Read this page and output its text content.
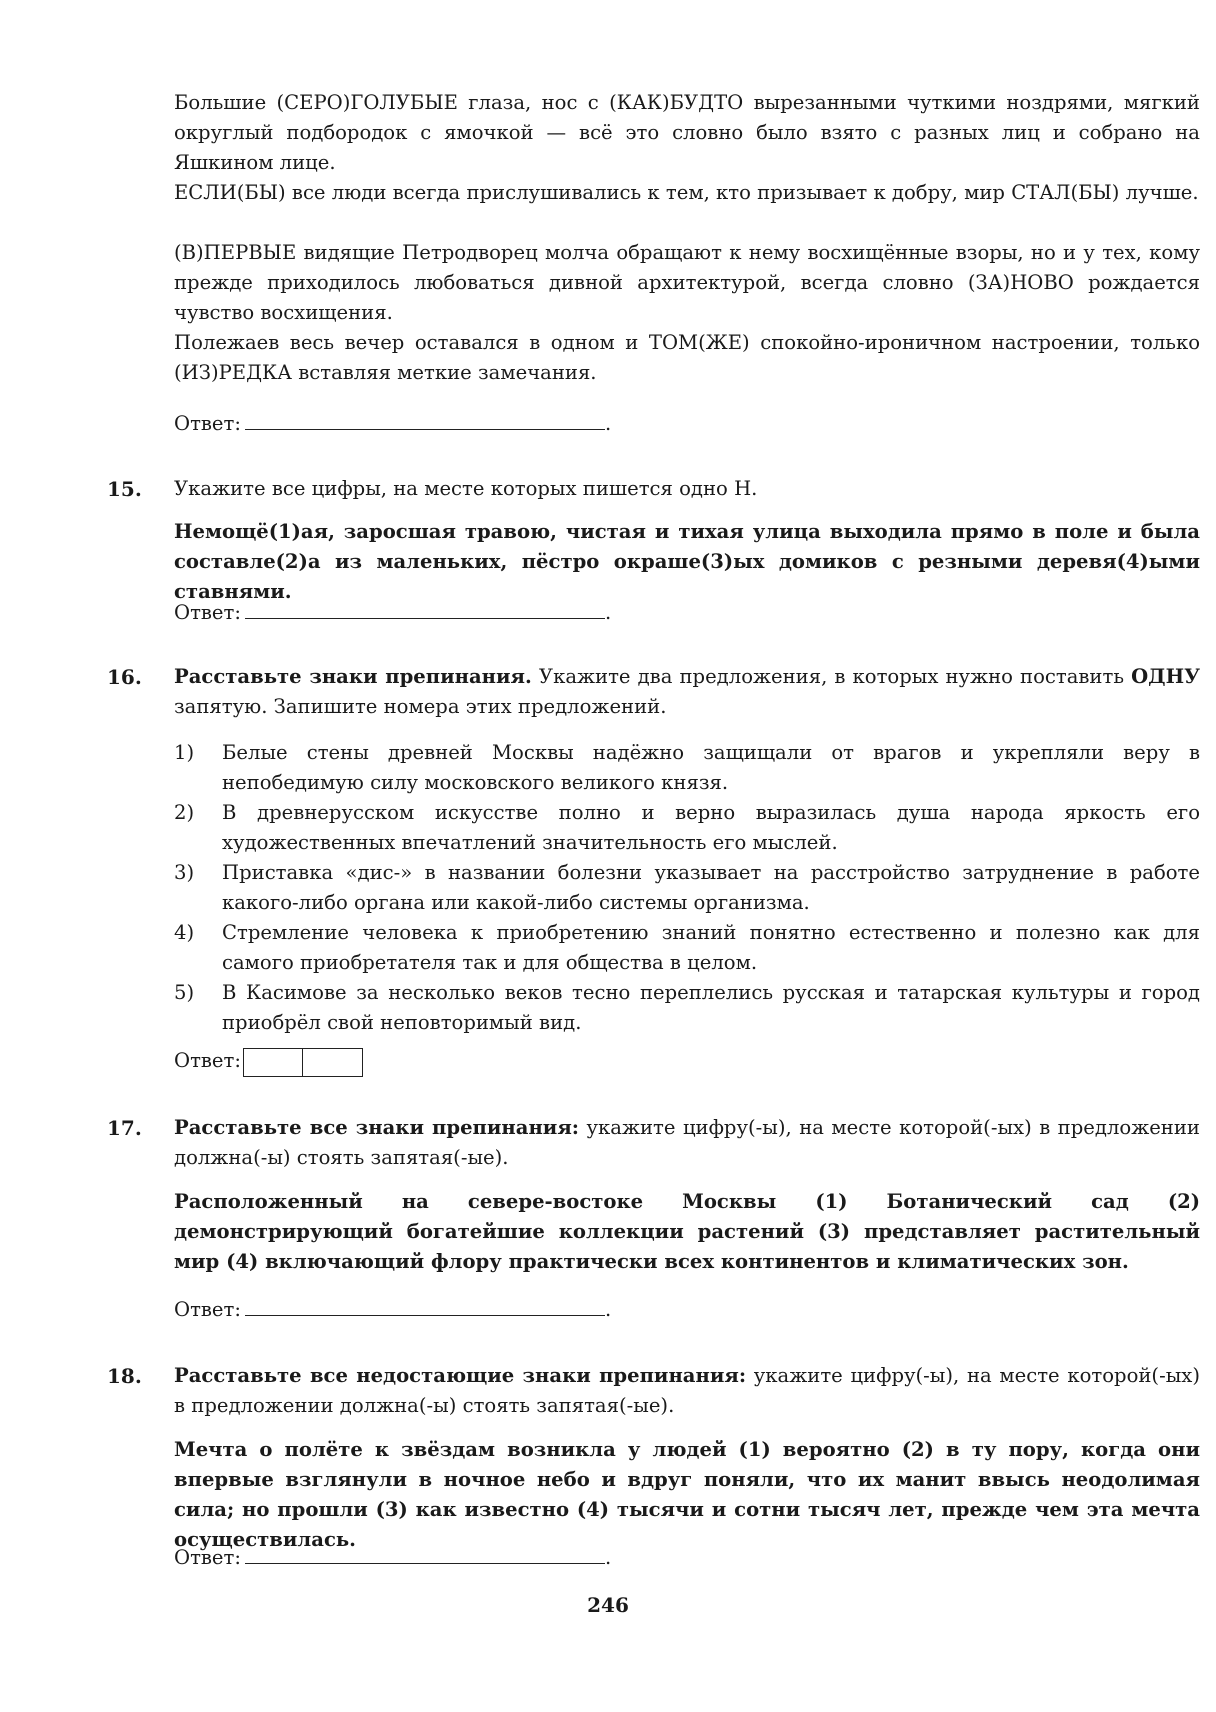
Большие (СЕРО)ГОЛУБЫЕ глаза, нос с (КАК)БУДТО вырезанными чуткими ноздрями, мягкий округлый подбородок с ямочкой — всё это словно было взято с разных лиц и собрано на Яшкином лице.
ЕСЛИ(БЫ) все люди всегда прислушивались к тем, кто призывает к добру, мир СТАЛ(БЫ) лучше.
(В)ПЕРВЫЕ видящие Петродворец молча обращают к нему восхищённые взоры, но и у тех, кому прежде приходилось любоваться дивной архитектурой, всегда словно (ЗА)НОВО рождается чувство восхищения.
Полежаев весь вечер оставался в одном и ТОМ(ЖЕ) спокойно-ироничном настроении, только (ИЗ)РЕДКА вставляя меткие замечания.
Ответ:	.
15. Укажите все цифры, на месте которых пишется одно Н.
Немощё(1)ая, заросшая травою, чистая и тихая улица выходила прямо в поле и была составле(2)а из маленьких, пёстро окраше(3)ых домиков с резными деревя(4)ыми ставнями.
Ответ:	.
16. Расставьте знаки препинания. Укажите два предложения, в которых нужно поставить ОДНУ запятую. Запишите номера этих предложений.
1) Белые стены древней Москвы надёжно защищали от врагов и укрепляли веру в непобедимую силу московского великого князя.
2) В древнерусском искусстве полно и верно выразилась душа народа яркость его художественных впечатлений значительность его мыслей.
3) Приставка «дис-» в названии болезни указывает на расстройство затруднение в работе какого-либо органа или какой-либо системы организма.
4) Стремление человека к приобретению знаний понятно естественно и полезно как для самого приобретателя так и для общества в целом.
5) В Касимове за несколько веков тесно переплелись русская и татарская культуры и город приобрёл свой неповторимый вид.
Ответ:
17. Расставьте все знаки препинания: укажите цифру(-ы), на месте которой(-ых) в предложении должна(-ы) стоять запятая(-ые).
Расположенный на севере-востоке Москвы (1) Ботанический сад (2) демонстрирующий богатейшие коллекции растений (3) представляет растительный мир (4) включающий флору практически всех континентов и климатических зон.
Ответ:	.
18. Расставьте все недостающие знаки препинания: укажите цифру(-ы), на месте которой(-ых) в предложении должна(-ы) стоять запятая(-ые).
Мечта о полёте к звёздам возникла у людей (1) вероятно (2) в ту пору, когда они впервые взглянули в ночное небо и вдруг поняли, что их манит ввысь неодолимая сила; но прошли (3) как известно (4) тысячи и сотни тысяч лет, прежде чем эта мечта осуществилась.
Ответ:	.
246
